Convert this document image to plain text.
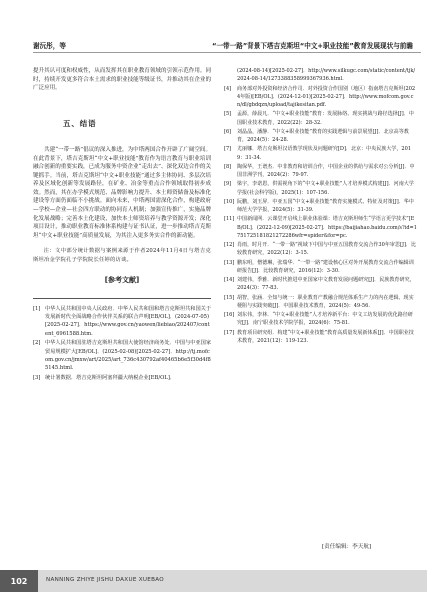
谢沅彤，等	“一带一路”背景下塔吉克斯坦“中文+职业技能”教育发展现状与前瞻

提升其认可度和权威性，从而发挥其在职业教育领域的引领示范作用。同时，持续开发更多符合本土需求的职业技能等级证书，并推动其在企业的广泛应用。

五、结语

共建“一带一路”倡议的深入推进，为中塔两国合作开辟了广阔空间。在此背景下，塔吉克斯坦“中文+职业技能”教育作为语言教育与职业培训融合创新的重要实践，已成为服务中资企业“走出去”、深化双边合作的关键抓手。当前，塔吉克斯坦“中文+职业技能”通过多主体协同、多层次培养及区域化创新等发展路径，在矿业、冶金等重点合作领域取得初步成效。然而，其在办学模式规范、品牌影响力提升、本土师资储备及标准化建设等方面仍面临不小挑战。面向未来，中塔两国需深化合作，构建政府—学校—企业—社会四方联动的协同育人机制；加强宣传推广，实施品牌化发展战略；完善本土化建设，加快本土师资培养与教学资源开发；深化项目设计，推动职业教育标准体系构建与证书认证，进一步推动塔吉克斯坦“中文+职业技能”高质量发展，为其注入更多务实合作的新动能。

注：文中部分统计数据与案例来源于作者2024年11月4日与塔吉克斯坦冶金学院孔子学院院长任婷的访谈。

[参考文献]
[1] 中华人民共和国中央人民政府．中华人民共和国和塔吉克斯坦共和国关于发展新时代全面战略合作伙伴关系的联合声明[EB/OL]．(2024-07-05)[2025-02-27]．https://www.gov.cn/yaowen/liebiao/202407/content_6961588.htm.
[2] 中华人民共和国驻塔吉克斯坦共和国大使馆经济商务处．中国与中亚国家贸易规模扩大[EB/OL]．(2025-02-08)[2025-02-27]．http://tj.mofcom.gov.cn/jmxw/art/2025/art_736c430792af40465b6e5f30d4f85145.html.
[3] 统计署数据．塔吉克斯坦阿塞拜疆大纳税企业[EB/OL]．
(2024-08-14)[2025-02-27]．http://www.silkugc.com/static/content/tjk/2024-08-14/1273388358999367936.html.
[4]	商务部对外投资和经济合作司．对外投资合作国别（地区）指南塔吉克斯坦(2024年版)[EB/OL]．(2024-12-01)[2025-02-27]．http://www.mofcom.gov.cn/dl/gbdqzn/upload/tajikesitan.pdf.
[5]	孟源，薛晨凡．“中文+职业技能”教育：发展脉络、现实挑战与路径选择[J]．中国职业技术教育，2022(22)：28-32.
[6]	刘晶晶，潘静．“中文+职业技能”教育的实践逻辑与前景展望[J]．北京高等教育，2024(5)：24-28.
[7]	尤丽娜．塔吉克斯坦汉语教学现状及问题研究[D]．北京：中央民族大学，2019：31-34.
[8]	陶保华，王谱杰．中非教育和培训合作，中国企业的供给与需求对公分析[J]．中国非洲学刊，2024(2)：79-97.
[9]	梁宇，李诺恩，供需视角下的“中文+职业技能”人才培养模式构建[J]．河南大学学报(社会科学版)，2025(1)：107-156.
[10] 阮鹏，刘玉屏．中亚五国“中文+职业技能”教育实施模式、特征及对策[J]．华中师范大学学报，2024(5)：31-39.
[11] 中国新闻网．云课堂开启线上职业体验课：塔吉克斯坦师生“学语言更学技术”[EB/OL]．(2022-12-09)[2025-02-27]．https://baijiahao.baidu.com/s?id=1751725181821272286wfr=spider&for=pc.
[12] 肖雨，时月开．“一带一路”视域下中国与中亚五国教育交流合作30年审思[J]．比较教育研究，2022(12)：3-15.
[13] 鹏东明，僧德琳，张瑞华．“一带一路”建设核心区对外开展教育交流合作编辑训研报告[J]．比较教育研究，2016(12)：3-30.
[14] 刘建伟，季雅．新时代推进中亚国家中文教育发展问题研究[J]．民族教育研究，2024(3)：77-83.
[15] 胡智，张涵．全知与统一：职业教育产教融合规范体系生产力的内在逻辑、现实梗阻与实践突破[J]．中国职业技术教育，2024(5)：49-56.
[16] 刘东伟，李林．“中文+职业技能”人才培养新平台：中文工坊发展的优化路径研究[J]．南宁职业技术学院学报，2024(6)：75-81.
[17] 教育项目研究组．构建“中文+职业技能”教育高质量发展新体系[J]．中国职业技术教育，2021(12)：119-123.
[责任编辑：李天航]
102	NANNING ZHIYE JISHU DAXUE XUEBAO
